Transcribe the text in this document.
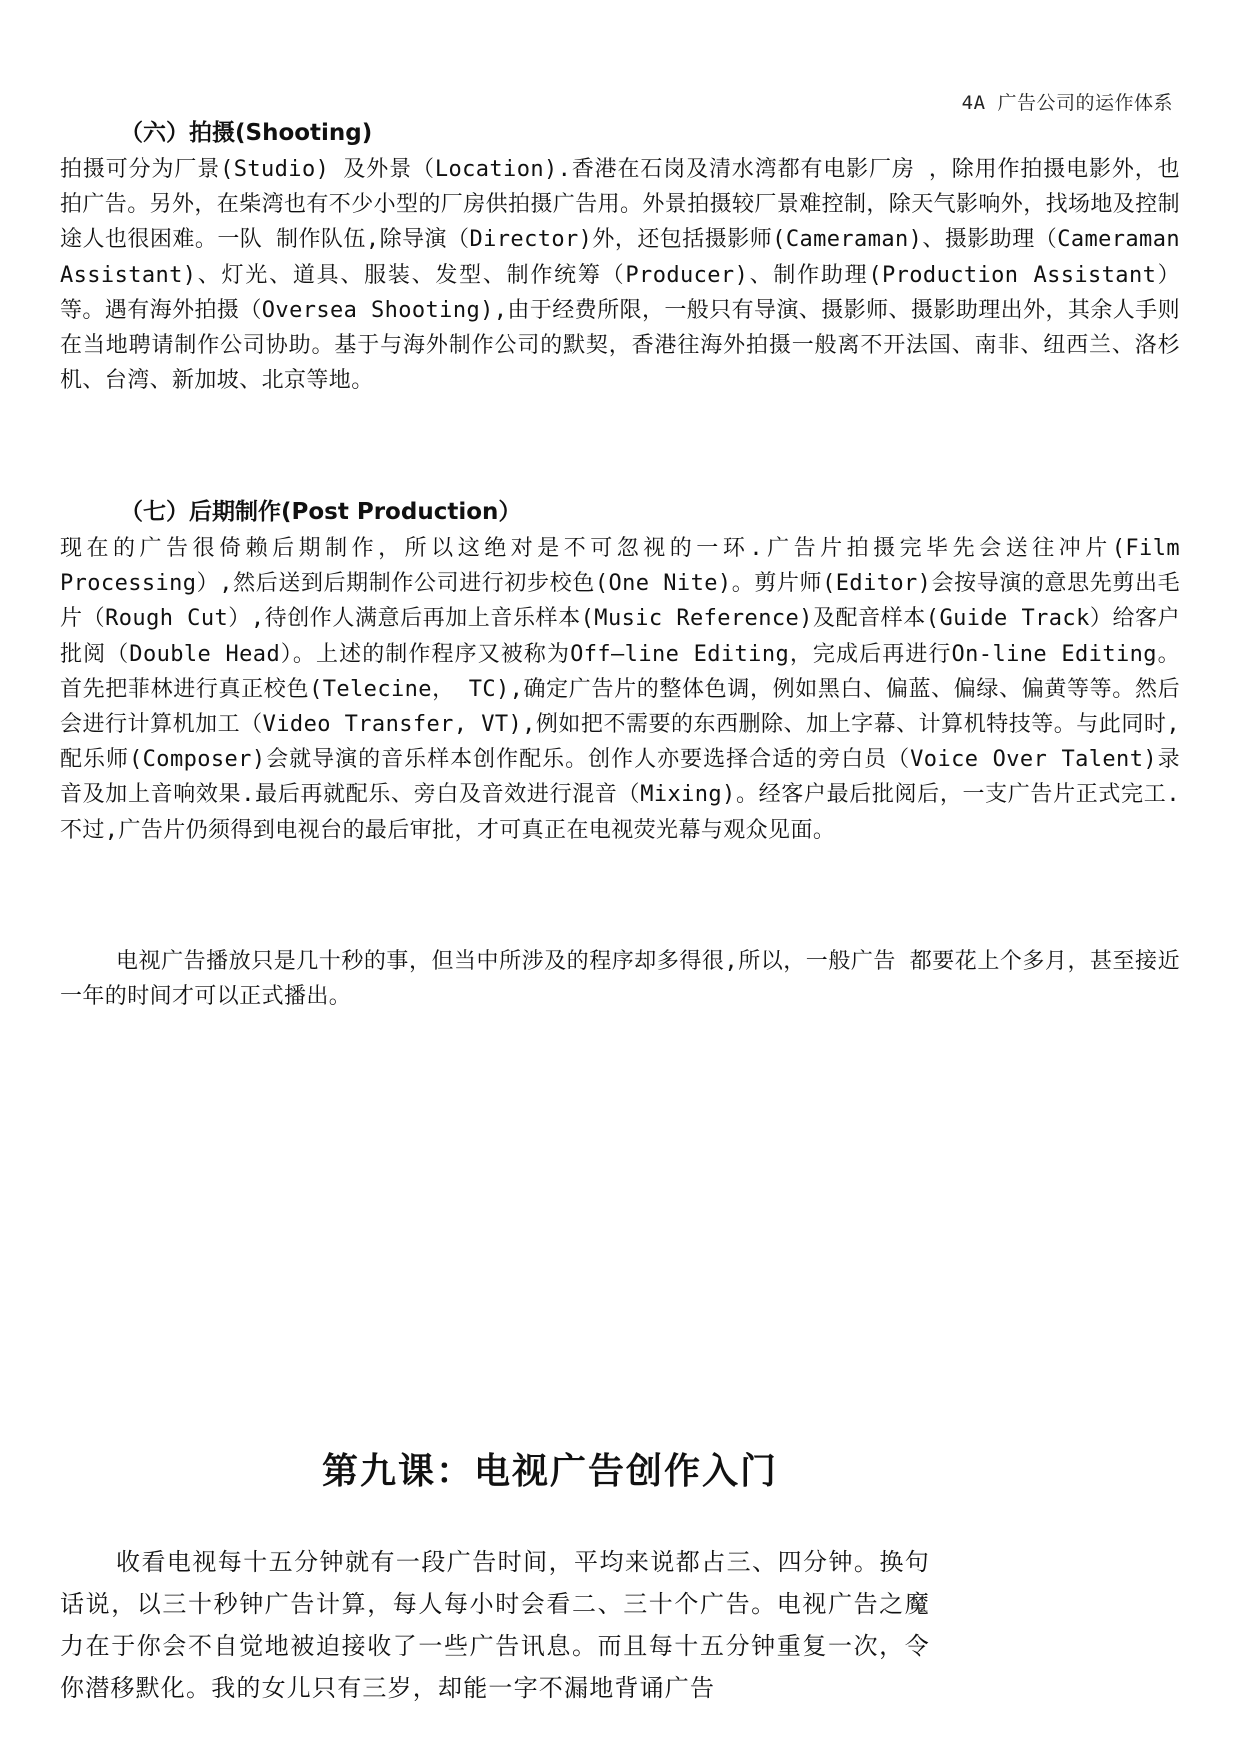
4A 广告公司的运作体系
（六）拍摄(Shooting)

拍摄可分为厂景(Studio) 及外景（Location).香港在石岗及清水湾都有电影厂房 ，除用作拍摄电影外，也拍广告。另外，在柴湾也有不少小型的厂房供拍摄广告用。外景拍摄较厂景难控制，除天气影响外，找场地及控制途人也很困难。一队 制作队伍,除导演（Director)外，还包括摄影师(Cameraman)、摄影助理（Cameraman Assistant)、灯光、道具、服装、发型、制作统筹（Producer)、制作助理(Production Assistant）等。遇有海外拍摄（Oversea Shooting),由于经费所限，一般只有导演、摄影师、摄影助理出外，其余人手则在当地聘请制作公司协助。基于与海外制作公司的默契，香港往海外拍摄一般离不开法国、南非、纽西兰、洛杉机、台湾、新加坡、北京等地。

（七）后期制作(Post Production）

现在的广告很倚赖后期制作，所以这绝对是不可忽视的一环.广告片拍摄完毕先会送往冲片(Film Processing）,然后送到后期制作公司进行初步校色(One Nite)。剪片师(Editor)会按导演的意思先剪出毛片（Rough Cut）,待创作人满意后再加上音乐样本(Music Reference)及配音样本(Guide Track）给客户批阅（Double Head）。上述的制作程序又被称为Off—line Editing，完成后再进行On-line Editing。首先把菲林进行真正校色(Telecine， TC),确定广告片的整体色调，例如黑白、偏蓝、偏绿、偏黄等等。然后会进行计算机加工（Video Transfer, VT),例如把不需要的东西删除、加上字幕、计算机特技等。与此同时,配乐师(Composer)会就导演的音乐样本创作配乐。创作人亦要选择合适的旁白员（Voice Over Talent)录音及加上音响效果.最后再就配乐、旁白及音效进行混音（Mixing)。经客户最后批阅后，一支广告片正式完工.不过,广告片仍须得到电视台的最后审批，才可真正在电视荧光幕与观众见面。

电视广告播放只是几十秒的事，但当中所涉及的程序却多得很,所以，一般广告 都要花上个多月，甚至接近一年的时间才可以正式播出。

第九课：电视广告创作入门

收看电视每十五分钟就有一段广告时间，平均来说都占三、四分钟。换句话说，以三十秒钟广告计算，每人每小时会看二、三十个广告。电视广告之魔力在于你会不自觉地被迫接收了一些广告讯息。而且每十五分钟重复一次，令你潜移默化。我的女儿只有三岁，却能一字不漏地背诵广告
